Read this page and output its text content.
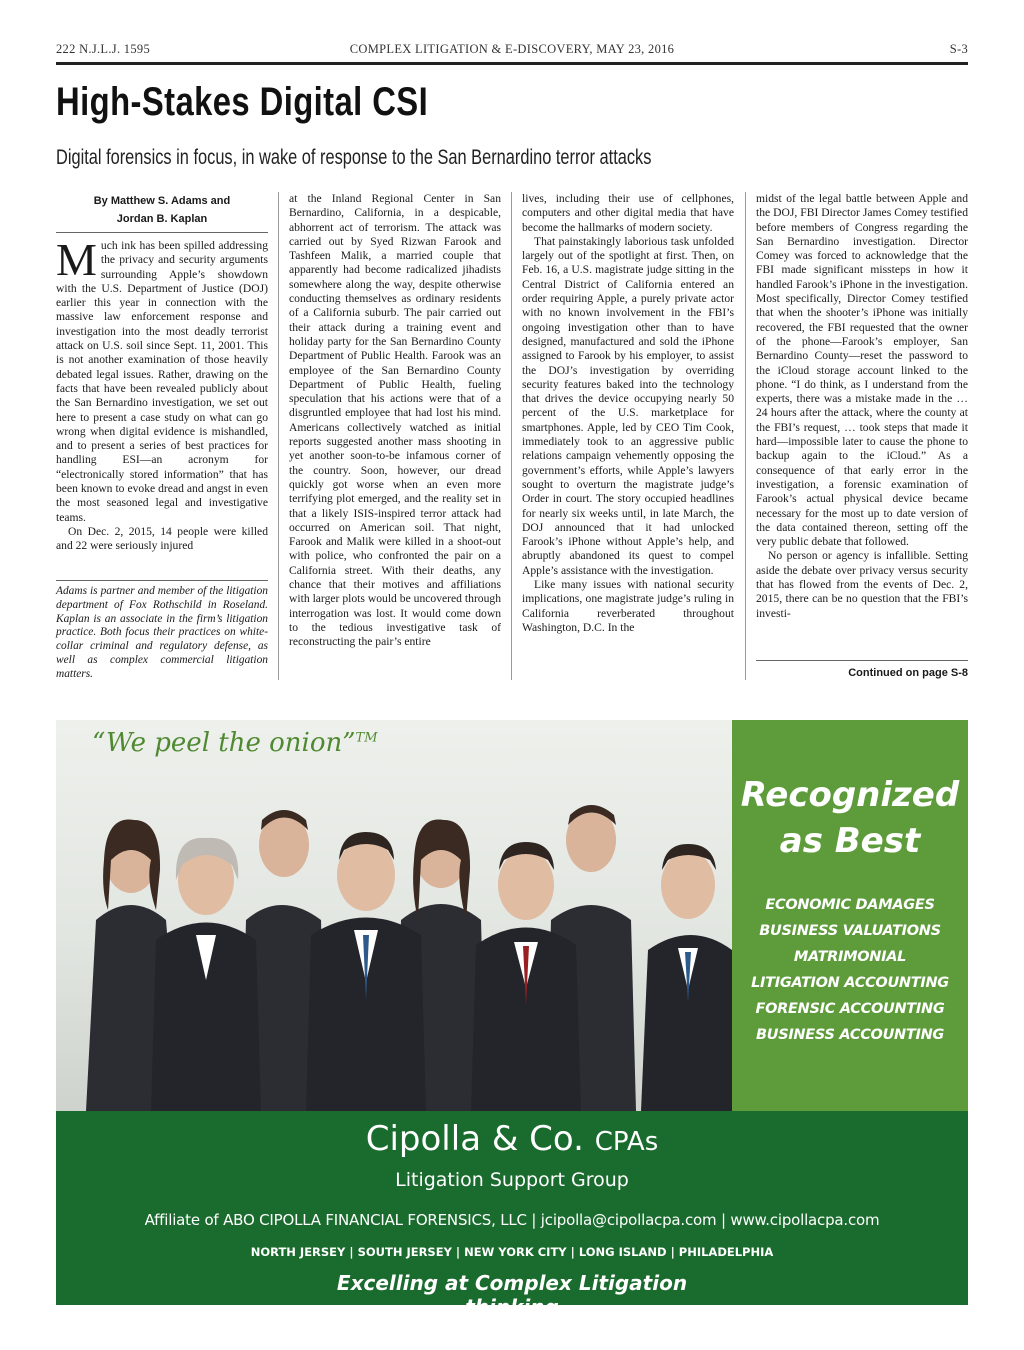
222 N.J.L.J. 1595	COMPLEX LITIGATION & E-DISCOVERY, MAY 23, 2016	S-3
High-Stakes Digital CSI
Digital forensics in focus, in wake of response to the San Bernardino terror attacks
By Matthew S. Adams and
Jordan B. Kaplan

Much ink has been spilled addressing the privacy and security arguments surrounding Apple’s showdown with the U.S. Department of Justice (DOJ) earlier this year in connection with the massive law enforcement response and investigation into the most deadly terrorist attack on U.S. soil since Sept. 11, 2001. This is not another examination of those heavily debated legal issues. Rather, drawing on the facts that have been revealed publicly about the San Bernardino investigation, we set out here to present a case study on what can go wrong when digital evidence is mishandled, and to present a series of best practices for handling ESI—an acronym for “electronically stored information” that has been known to evoke dread and angst in even the most seasoned legal and investigative teams.

On Dec. 2, 2015, 14 people were killed and 22 were seriously injured

Adams is partner and member of the litigation department of Fox Rothschild in Roseland. Kaplan is an associate in the firm’s litigation practice. Both focus their practices on white-collar criminal and regulatory defense, as well as complex commercial litigation matters.

at the Inland Regional Center in San Bernardino, California, in a despicable, abhorrent act of terrorism. The attack was carried out by Syed Rizwan Farook and Tashfeen Malik, a married couple that apparently had become radicalized jihadists somewhere along the way, despite otherwise conducting themselves as ordinary residents of a California suburb. The pair carried out their attack during a training event and holiday party for the San Bernardino County Department of Public Health. Farook was an employee of the San Bernardino County Department of Public Health, fueling speculation that his actions were that of a disgruntled employee that had lost his mind. Americans collectively watched as initial reports suggested another mass shooting in yet another soon-to-be infamous corner of the country. Soon, however, our dread quickly got worse when an even more terrifying plot emerged, and the reality set in that a likely ISIS-inspired terror attack had occurred on American soil. That night, Farook and Malik were killed in a shoot-out with police, who confronted the pair on a California street. With their deaths, any chance that their motives and affiliations with larger plots would be uncovered through interrogation was lost. It would come down to the tedious investigative task of reconstructing the pair’s entire

lives, including their use of cellphones, computers and other digital media that have become the hallmarks of modern society.

That painstakingly laborious task unfolded largely out of the spotlight at first. Then, on Feb. 16, a U.S. magistrate judge sitting in the Central District of California entered an order requiring Apple, a purely private actor with no known involvement in the FBI’s ongoing investigation other than to have designed, manufactured and sold the iPhone assigned to Farook by his employer, to assist the DOJ’s investigation by overriding security features baked into the technology that drives the device occupying nearly 50 percent of the U.S. marketplace for smartphones. Apple, led by CEO Tim Cook, immediately took to an aggressive public relations campaign vehemently opposing the government’s efforts, while Apple’s lawyers sought to overturn the magistrate judge’s Order in court. The story occupied headlines for nearly six weeks until, in late March, the DOJ announced that it had unlocked Farook’s iPhone without Apple’s help, and abruptly abandoned its quest to compel Apple’s assistance with the investigation.

Like many issues with national security implications, one magistrate judge’s ruling in California reverberated throughout Washington, D.C. In the

midst of the legal battle between Apple and the DOJ, FBI Director James Comey testified before members of Congress regarding the San Bernardino investigation. Director Comey was forced to acknowledge that the FBI made significant missteps in how it handled Farook’s iPhone in the investigation. Most specifically, Director Comey testified that when the shooter’s iPhone was initially recovered, the FBI requested that the owner of the phone—Farook’s employer, San Bernardino County—reset the password to the iCloud storage account linked to the phone. “I do think, as I understand from the experts, there was a mistake made in the … 24 hours after the attack, where the county at the FBI’s request, … took steps that made it hard—impossible later to cause the phone to backup again to the iCloud.” As a consequence of that early error in the investigation, a forensic examination of Farook’s actual physical device became necessary for the most up to date version of the data contained thereon, setting off the very public debate that followed.

No person or agency is infallible. Setting aside the debate over privacy versus security that has flowed from the events of Dec. 2, 2015, there can be no question that the FBI’s investi-

Continued on page S-8
“We peel the onion”™
Recognized
as Best
ECONOMIC DAMAGES
BUSINESS VALUATIONS
MATRIMONIAL
LITIGATION ACCOUNTING
FORENSIC ACCOUNTING
BUSINESS ACCOUNTING
Cipolla & Co. CPAs
Litigation Support Group
Affiliate of ABO CIPOLLA FINANCIAL FORENSICS, LLC | jcipolla@cipollacpa.com | www.cipollacpa.com
NORTH JERSEY | SOUTH JERSEY | NEW YORK CITY | LONG ISLAND | PHILADELPHIA
Excelling at Complex Litigation
thinking
